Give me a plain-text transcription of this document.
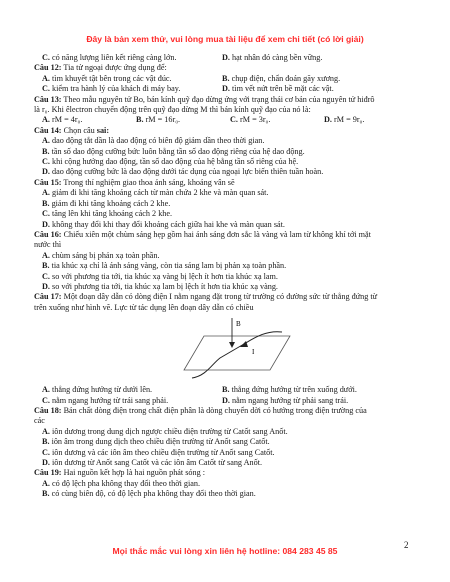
Đây là bản xem thử, vui lòng mua tài liệu để xem chi tiết (có lời giải)
C. có năng lượng liên kết riêng càng lớn.	D. hạt nhân đó càng bền vững.
Câu 12: Tia tử ngoại được ứng dụng để:
A. tìm khuyết tật bên trong các vật đúc.	B. chụp điện, chẩn đoán gãy xương.
C. kiểm tra hành lý của khách đi máy bay.	D. tìm vết nứt trên bề mặt các vật.
Câu 13: Theo mẫu nguyên tử Bo, bán kính quỹ đạo dừng ứng với trạng thái cơ bản của nguyên tử hiđrô
là r₀. Khi êlectron chuyển động trên quỹ đạo dừng M thì bán kính quỹ đạo của nó là:
A. rM = 4r₀.	B. rM = 16r₀.	C. rM = 3r₀.	D. rM = 9r₀.
Câu 14: Chọn câu sai:
A. dao động tắt dần là dao động có biên độ giảm dần theo thời gian.
B. tần số dao động cưỡng bức luôn bằng tần số dao động riêng của hệ dao động.
C. khi cộng hưởng dao động, tần số dao động của hệ bằng tần số riêng của hệ.
D. dao động cưỡng bức là dao động dưới tác dụng của ngoại lực biến thiên tuần hoàn.
Câu 15: Trong thí nghiệm giao thoa ánh sáng, khoảng vân sẽ
A. giảm đi khi tăng khoảng cách từ màn chứa 2 khe và màn quan sát.
B. giảm đi khi tăng khoảng cách 2 khe.
C. tăng lên khi tăng khoảng cách 2 khe.
D. không thay đổi khi thay đổi khoảng cách giữa hai khe và màn quan sát.
Câu 16: Chiếu xiên một chùm sáng hẹp gồm hai ánh sáng đơn sắc là vàng và lam từ không khí tới mặt
nước thì
A. chùm sáng bị phản xạ toàn phần.
B. tia khúc xạ chỉ là ánh sáng vàng, còn tia sáng lam bị phản xạ toàn phần.
C. so với phương tia tới, tia khúc xạ vàng bị lệch ít hơn tia khúc xạ lam.
D. so với phương tia tới, tia khúc xạ lam bị lệch ít hơn tia khúc xạ vàng.
Câu 17: Một đoạn dây dẫn có dòng điện I nằm ngang đặt trong từ trường có đường sức từ thẳng đứng từ
trên xuống như hình vẽ. Lực từ tác dụng lên đoạn dây dẫn có chiều
B
I
A. thẳng đứng hướng từ dưới lên.	B. thẳng đứng hướng từ trên xuống dưới.
C. nằm ngang hướng từ trái sang phải.	D. nằm ngang hướng từ phải sang trái.
Câu 18: Bản chất dòng điện trong chất điện phân là dòng chuyển dời có hướng trong điện trường của
các
A. iôn dương trong dung dịch ngược chiều điện trường từ Catốt sang Anốt.
B. iôn âm trong dung dịch theo chiều điện trường từ Anốt sang Catốt.
C. iôn dương và các iôn âm theo chiều điện trường từ Anốt sang Catốt.
D. iôn dương từ Anốt sang Catốt và các iôn âm Catốt từ sang Anốt.
Câu 19: Hai nguồn kết hợp là hai nguồn phát sóng :
A. có độ lệch pha không thay đổi theo thời gian.
B. có cùng biên độ, có độ lệch pha không thay đổi theo thời gian.
2
Mọi thắc mắc vui lòng xin liên hệ hotline: 084 283 45 85
